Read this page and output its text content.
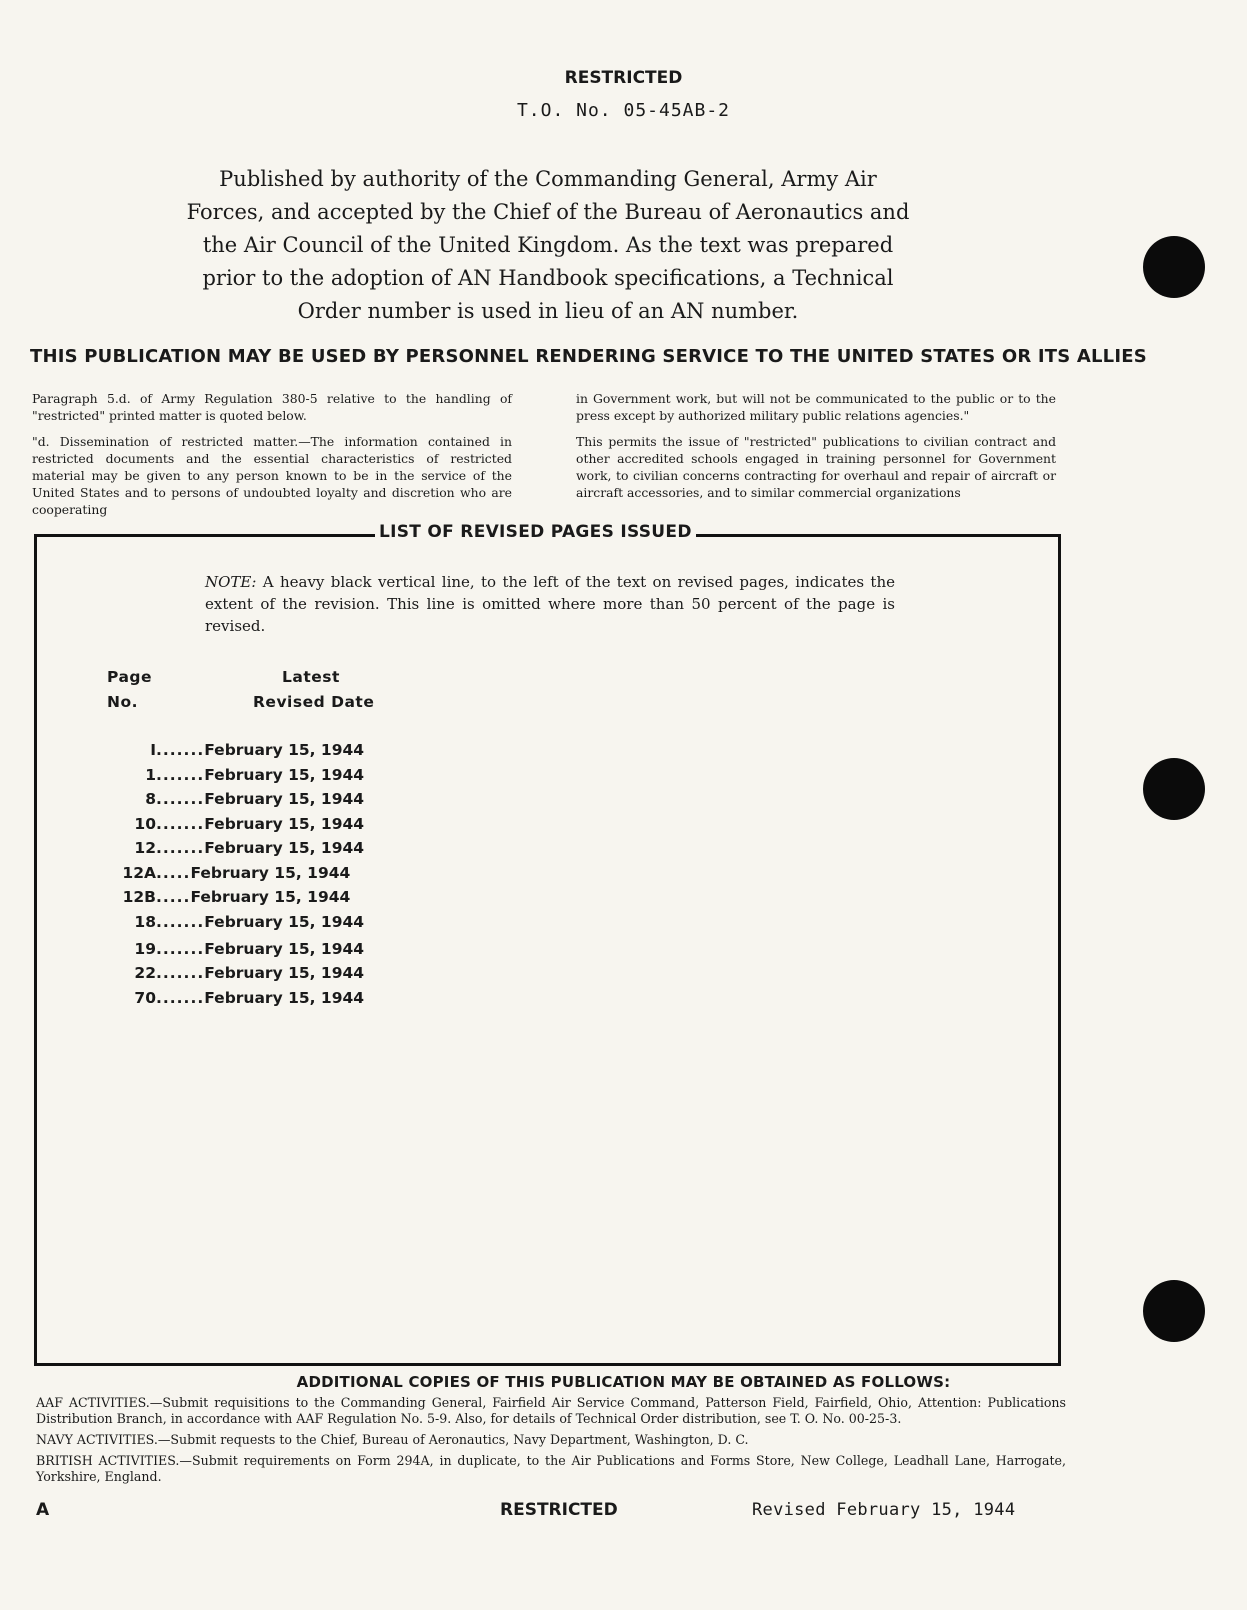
RESTRICTED
T.O. No. 05-45AB-2
Published by authority of the Commanding General, Army Air Forces, and accepted by the Chief of the Bureau of Aeronautics and the Air Council of the United Kingdom. As the text was prepared prior to the adoption of AN Handbook specifications, a Technical Order number is used in lieu of an AN number.
THIS PUBLICATION MAY BE USED BY PERSONNEL RENDERING SERVICE TO THE UNITED STATES OR ITS ALLIES

Paragraph 5.d. of Army Regulation 380-5 relative to the handling of "restricted" printed matter is quoted below.

"d. Dissemination of restricted matter.—The information contained in restricted documents and the essential characteristics of restricted material may be given to any person known to be in the service of the United States and to persons of undoubted loyalty and discretion who are cooperating

in Government work, but will not be communicated to the public or to the press except by authorized military public relations agencies."

This permits the issue of "restricted" publications to civilian contract and other accredited schools engaged in training personnel for Government work, to civilian concerns contracting for overhaul and repair of aircraft or aircraft accessories, and to similar commercial organizations

LIST OF REVISED PAGES ISSUED
NOTE: A heavy black vertical line, to the left of the text on revised pages, indicates the extent of the revision. This line is omitted where more than 50 percent of the page is revised.
Page
No.
Latest
Revised Date
I.......February 15, 1944
1.......February 15, 1944
8.......February 15, 1944
10.......February 15, 1944
12.......February 15, 1944
12A.....February 15, 1944
12B.....February 15, 1944
18.......February 15, 1944
19.......February 15, 1944
22.......February 15, 1944
70.......February 15, 1944
ADDITIONAL COPIES OF THIS PUBLICATION MAY BE OBTAINED AS FOLLOWS:

AAF ACTIVITIES.—Submit requisitions to the Commanding General, Fairfield Air Service Command, Patterson Field, Fairfield, Ohio, Attention: Publications Distribution Branch, in accordance with AAF Regulation No. 5-9. Also, for details of Technical Order distribution, see T. O. No. 00-25-3.

NAVY ACTIVITIES.—Submit requests to the Chief, Bureau of Aeronautics, Navy Department, Washington, D. C.

BRITISH ACTIVITIES.—Submit requirements on Form 294A, in duplicate, to the Air Publications and Forms Store, New College, Leadhall Lane, Harrogate, Yorkshire, England.

A	RESTRICTED	Revised February 15, 1944
